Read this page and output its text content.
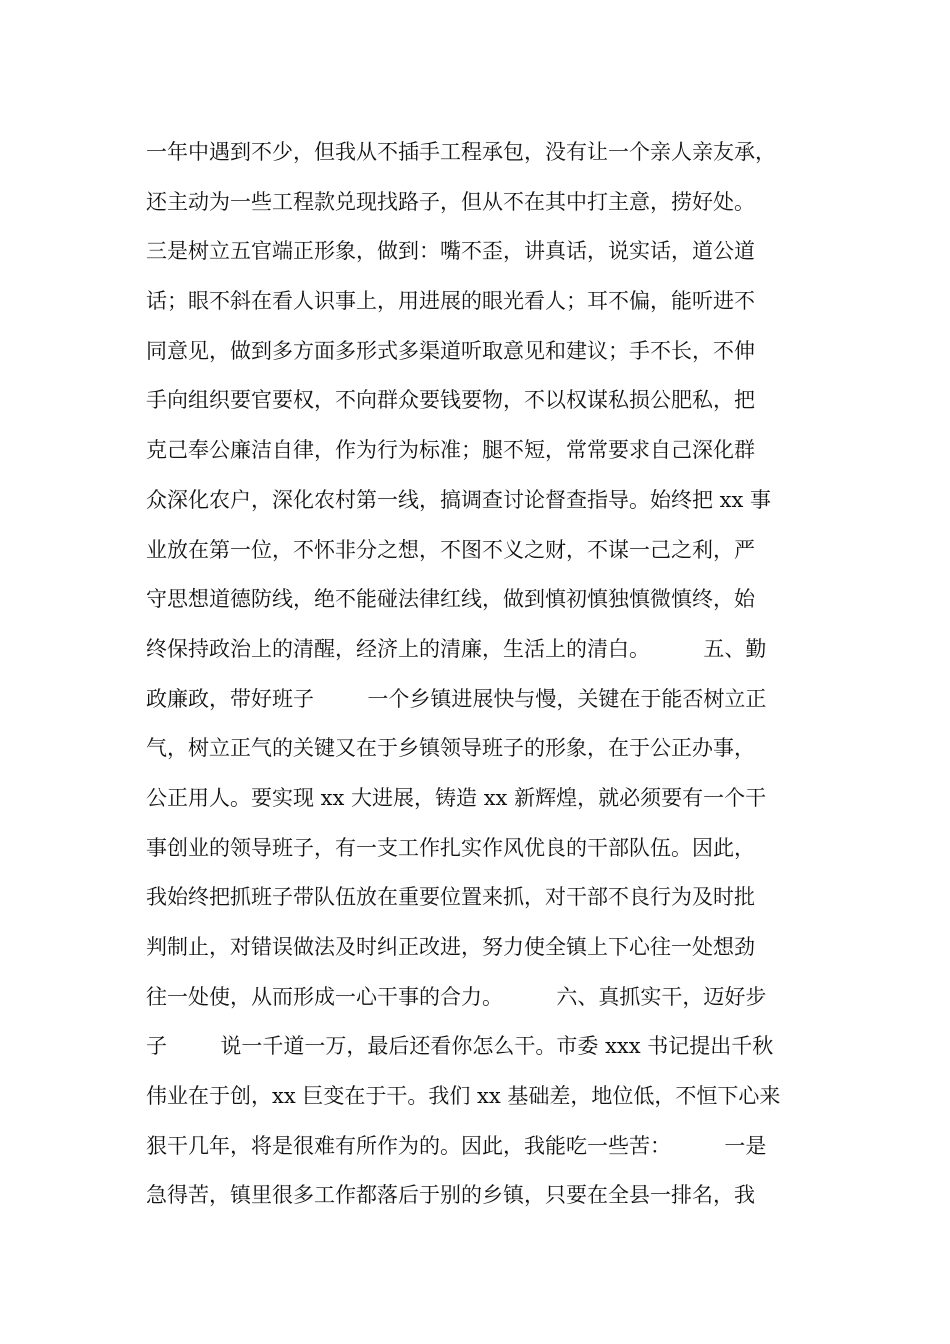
一年中遇到不少，但我从不插手工程承包，没有让一个亲人亲友承，
还主动为一些工程款兑现找路子，但从不在其中打主意，捞好处。
三是树立五官端正形象，做到：嘴不歪，讲真话，说实话，道公道
话；眼不斜在看人识事上，用进展的眼光看人；耳不偏，能听进不
同意见，做到多方面多形式多渠道听取意见和建议；手不长，不伸
手向组织要官要权，不向群众要钱要物，不以权谋私损公肥私，把
克己奉公廉洁自律，作为行为标准；腿不短，常常要求自己深化群
众深化农户，深化农村第一线，搞调查讨论督查指导。始终把 xx 事
业放在第一位，不怀非分之想，不图不义之财，不谋一己之利，严
守思想道德防线，绝不能碰法律红线，做到慎初慎独慎微慎终，始
终保持政治上的清醒，经济上的清廉，生活上的清白。        五、勤
政廉政，带好班子        一个乡镇进展快与慢，关键在于能否树立正
气，树立正气的关键又在于乡镇领导班子的形象，在于公正办事，
公正用人。要实现 xx 大进展，铸造 xx 新辉煌，就必须要有一个干
事创业的领导班子，有一支工作扎实作风优良的干部队伍。因此，
我始终把抓班子带队伍放在重要位置来抓，对干部不良行为及时批
判制止，对错误做法及时纠正改进，努力使全镇上下心往一处想劲
往一处使，从而形成一心干事的合力。        六、真抓实干，迈好步
子        说一千道一万，最后还看你怎么干。市委 xxx 书记提出千秋
伟业在于创，xx 巨变在于干。我们 xx 基础差，地位低，不恒下心来
狠干几年，将是很难有所作为的。因此，我能吃一些苦：        一是
急得苦，镇里很多工作都落后于别的乡镇，只要在全县一排名，我
